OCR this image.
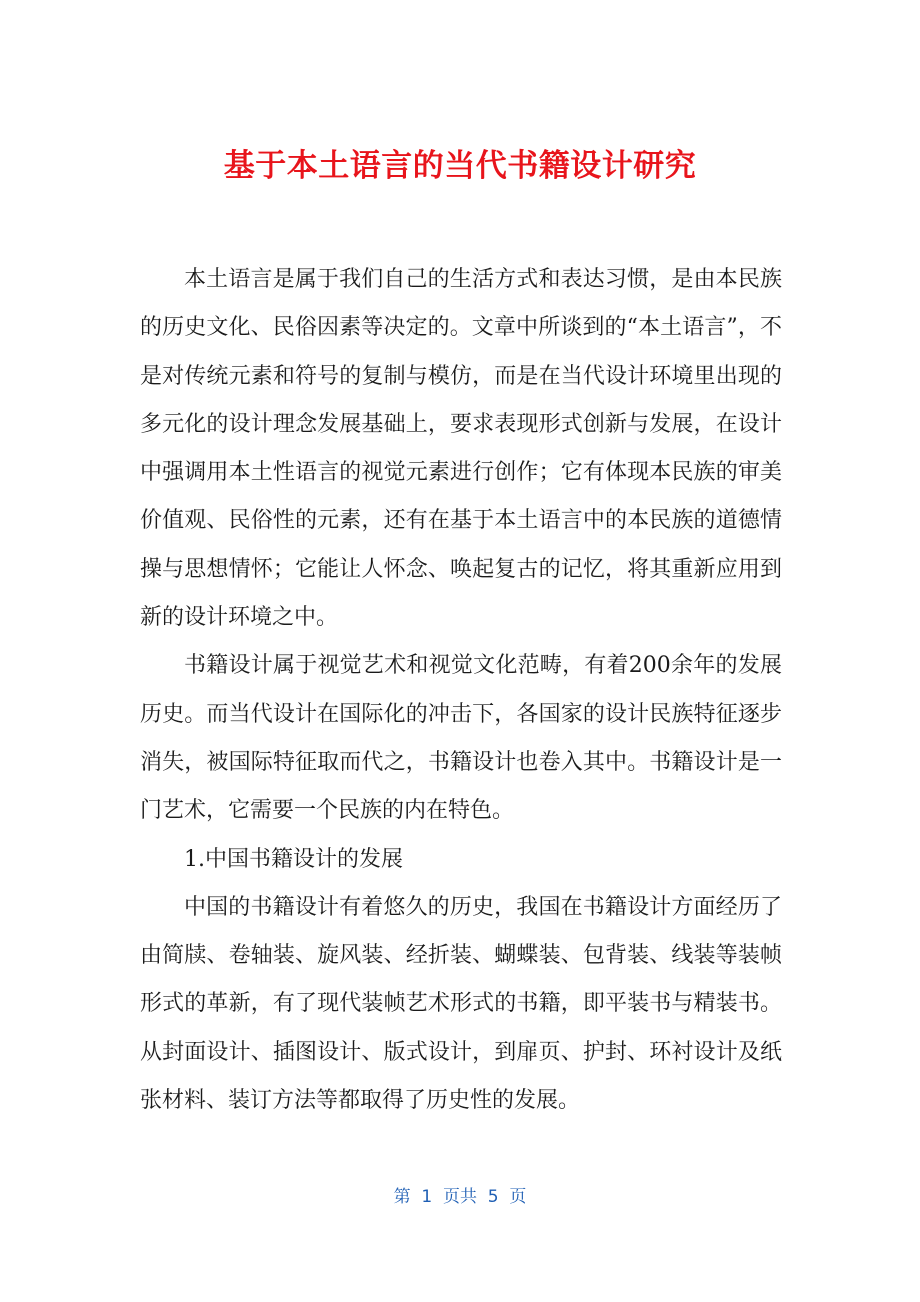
基于本土语言的当代书籍设计研究

本土语言是属于我们自己的生活方式和表达习惯，是由本民族的历史文化、民俗因素等决定的。文章中所谈到的“本土语言”，不是对传统元素和符号的复制与模仿，而是在当代设计环境里出现的多元化的设计理念发展基础上，要求表现形式创新与发展，在设计中强调用本土性语言的视觉元素进行创作；它有体现本民族的审美价值观、民俗性的元素，还有在基于本土语言中的本民族的道德情操与思想情怀；它能让人怀念、唤起复古的记忆，将其重新应用到新的设计环境之中。

书籍设计属于视觉艺术和视觉文化范畴，有着200余年的发展历史。而当代设计在国际化的冲击下，各国家的设计民族特征逐步消失，被国际特征取而代之，书籍设计也卷入其中。书籍设计是一门艺术，它需要一个民族的内在特色。

1.中国书籍设计的发展

中国的书籍设计有着悠久的历史，我国在书籍设计方面经历了由简牍、卷轴装、旋风装、经折装、蝴蝶装、包背装、线装等装帧形式的革新，有了现代装帧艺术形式的书籍，即平装书与精装书。从封面设计、插图设计、版式设计，到扉页、护封、环衬设计及纸张材料、装订方法等都取得了历史性的发展。

第  1  页共  5  页
